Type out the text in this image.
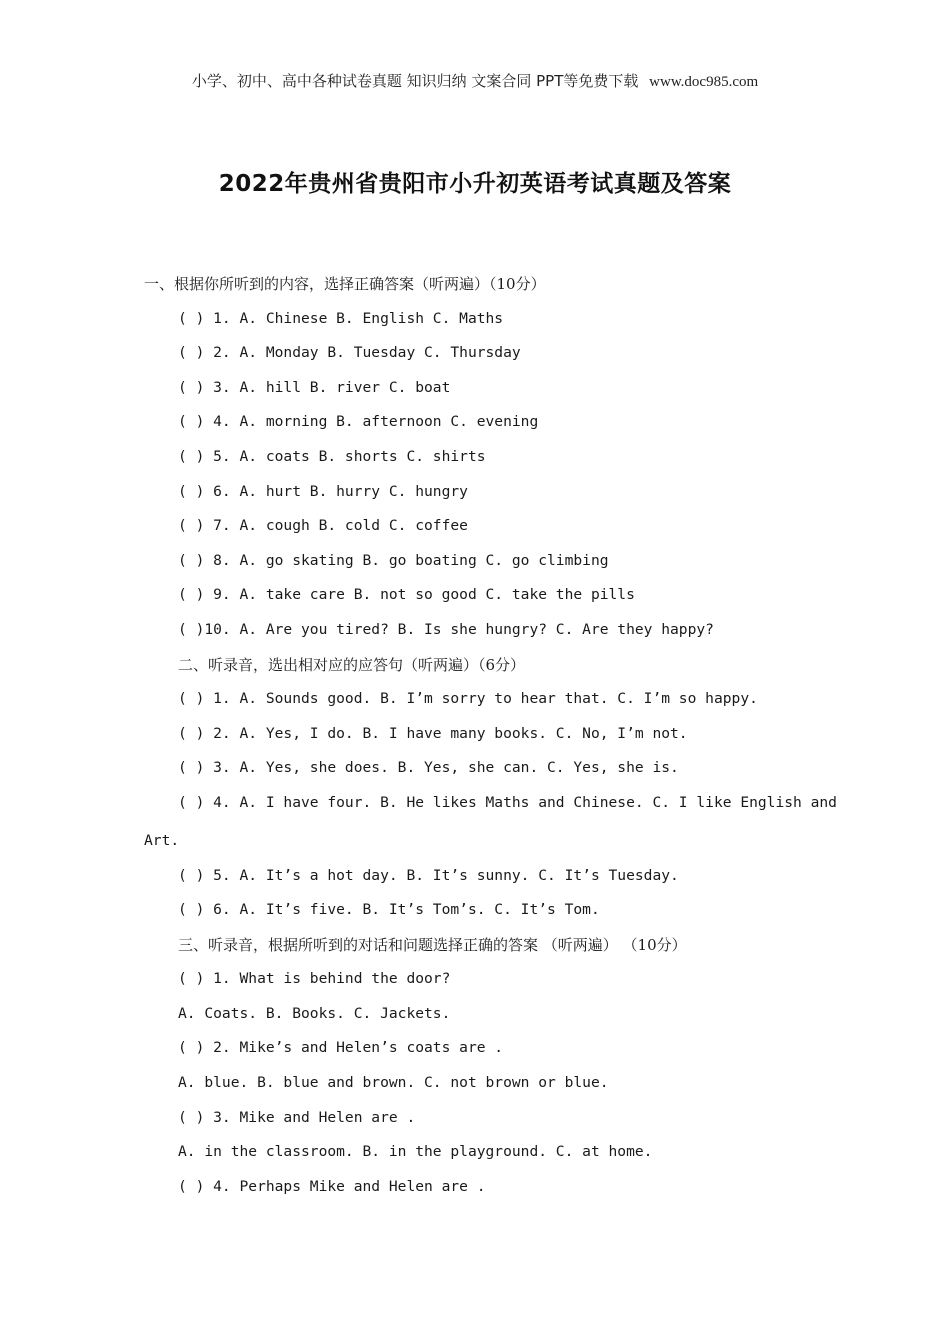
小学、初中、高中各种试卷真题 知识归纳 文案合同 PPT等免费下载 www.doc985.com
2022年贵州省贵阳市小升初英语考试真题及答案
一、根据你所听到的内容，选择正确答案（听两遍）（10分）
( ) 1. A. Chinese B. English C. Maths
( ) 2. A. Monday B. Tuesday C. Thursday
( ) 3. A. hill B. river C. boat
( ) 4. A. morning B. afternoon C. evening
( ) 5. A. coats B. shorts C. shirts
( ) 6. A. hurt B. hurry C. hungry
( ) 7. A. cough B. cold C. coffee
( ) 8. A. go skating B. go boating C. go climbing
( ) 9. A. take care B. not so good C. take the pills
( )10. A. Are you tired? B. Is she hungry? C. Are they happy?
二、听录音，选出相对应的应答句（听两遍）（6分）
( ) 1. A. Sounds good. B. I’m sorry to hear that. C. I’m so happy.
( ) 2. A. Yes, I do. B. I have many books. C. No, I’m not.
( ) 3. A. Yes, she does. B. Yes, she can. C. Yes, she is.
( ) 4. A. I have four. B. He likes Maths and Chinese. C. I like English and
Art.
( ) 5. A. It’s a hot day. B. It’s sunny. C. It’s Tuesday.
( ) 6. A. It’s five. B. It’s Tom’s. C. It’s Tom.
三、听录音，根据所听到的对话和问题选择正确的答案 （听两遍） （10分）
( ) 1. What is behind the door?
A. Coats. B. Books. C. Jackets.
( ) 2. Mike’s and Helen’s coats are .
A. blue. B. blue and brown. C. not brown or blue.
( ) 3. Mike and Helen are .
A. in the classroom. B. in the playground. C. at home.
( ) 4. Perhaps Mike and Helen are .
